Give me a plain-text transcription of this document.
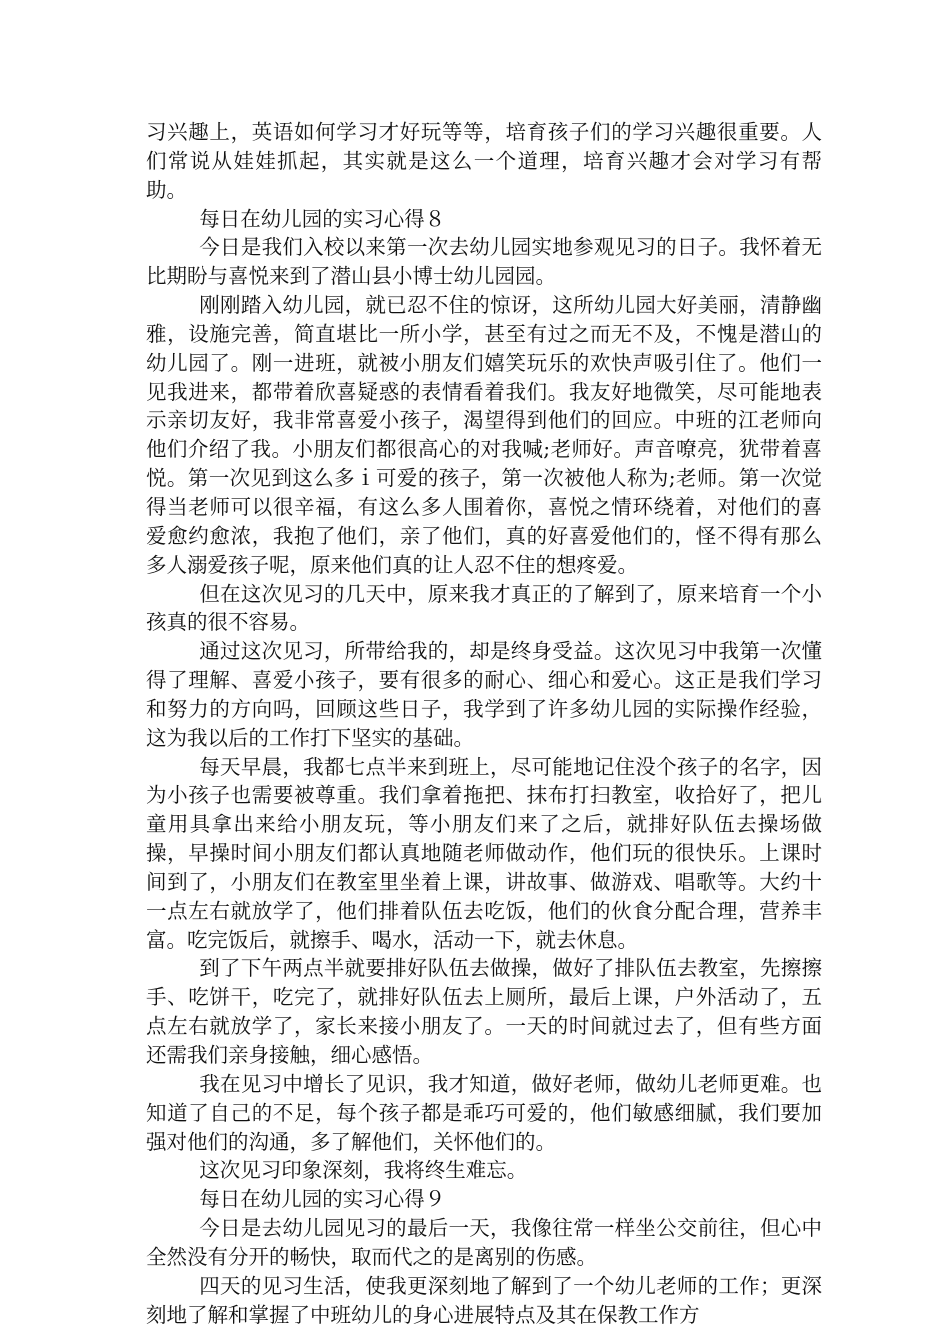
习兴趣上，英语如何学习才好玩等等，培育孩子们的学习兴趣很重要。人们常说从娃娃抓起，其实就是这么一个道理，培育兴趣才会对学习有帮助。

每日在幼儿园的实习心得８

今日是我们入校以来第一次去幼儿园实地参观见习的日子。我怀着无比期盼与喜悦来到了潜山县小博士幼儿园园。

刚刚踏入幼儿园，就已忍不住的惊讶，这所幼儿园大好美丽，清静幽雅，设施完善，简直堪比一所小学，甚至有过之而无不及，不愧是潜山的幼儿园了。刚一进班，就被小朋友们嬉笑玩乐的欢快声吸引住了。他们一见我进来，都带着欣喜疑惑的表情看着我们。我友好地微笑，尽可能地表示亲切友好，我非常喜爱小孩子，渴望得到他们的回应。中班的江老师向他们介绍了我。小朋友们都很高心的对我喊;老师好。声音嘹亮，犹带着喜悦。第一次见到这么多ｉ可爱的孩子，第一次被他人称为;老师。第一次觉得当老师可以很辛福，有这么多人围着你，喜悦之情环绕着，对他们的喜爱愈约愈浓，我抱了他们，亲了他们，真的好喜爱他们的，怪不得有那么多人溺爱孩子呢，原来他们真的让人忍不住的想疼爱。

但在这次见习的几天中，原来我才真正的了解到了，原来培育一个小孩真的很不容易。

通过这次见习，所带给我的，却是终身受益。这次见习中我第一次懂得了理解、喜爱小孩子，要有很多的耐心、细心和爱心。这正是我们学习和努力的方向吗，回顾这些日子，我学到了许多幼儿园的实际操作经验，这为我以后的工作打下坚实的基础。

每天早晨，我都七点半来到班上，尽可能地记住没个孩子的名字，因为小孩子也需要被尊重。我们拿着拖把、抹布打扫教室，收拾好了，把儿童用具拿出来给小朋友玩，等小朋友们来了之后，就排好队伍去操场做操，早操时间小朋友们都认真地随老师做动作，他们玩的很快乐。上课时间到了，小朋友们在教室里坐着上课，讲故事、做游戏、唱歌等。大约十一点左右就放学了，他们排着队伍去吃饭，他们的伙食分配合理，营养丰富。吃完饭后，就擦手、喝水，活动一下，就去休息。

到了下午两点半就要排好队伍去做操，做好了排队伍去教室，先擦擦手、吃饼干，吃完了，就排好队伍去上厕所，最后上课，户外活动了，五点左右就放学了，家长来接小朋友了。一天的时间就过去了，但有些方面还需我们亲身接触，细心感悟。

我在见习中增长了见识，我才知道，做好老师，做幼儿老师更难。也知道了自己的不足，每个孩子都是乖巧可爱的，他们敏感细腻，我们要加强对他们的沟通，多了解他们，关怀他们的。

这次见习印象深刻，我将终生难忘。

每日在幼儿园的实习心得９

今日是去幼儿园见习的最后一天，我像往常一样坐公交前往，但心中全然没有分开的畅快，取而代之的是离别的伤感。

四天的见习生活，使我更深刻地了解到了一个幼儿老师的工作；更深刻地了解和掌握了中班幼儿的身心进展特点及其在保教工作方
